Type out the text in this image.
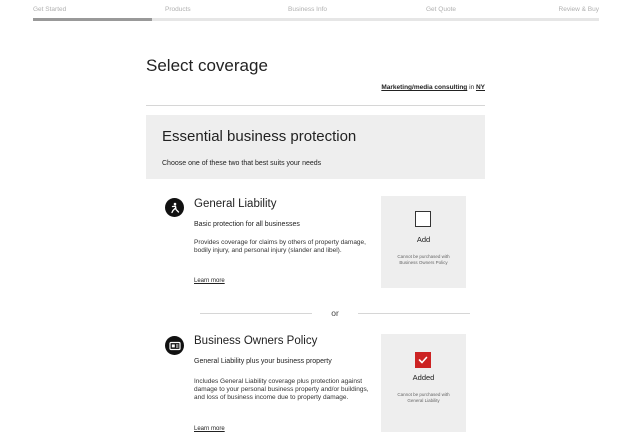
Get Started	Products	Business Info	Get Quote	Review & Buy
Select coverage
Marketing/media consulting in NY
Essential business protection
Choose one of these two that best suits your needs
General Liability
Basic protection for all businesses
Provides coverage for claims by others of property damage, bodily injury, and personal injury (slander and libel).
Learn more
Add
Cannot be purchased with Business Owners Policy
or
Business Owners Policy
General Liability plus your business property
Includes General Liability coverage plus protection against damage to your personal business property and/or buildings, and loss of business income due to property damage.
Learn more
Added
Cannot be purchased with General Liability
